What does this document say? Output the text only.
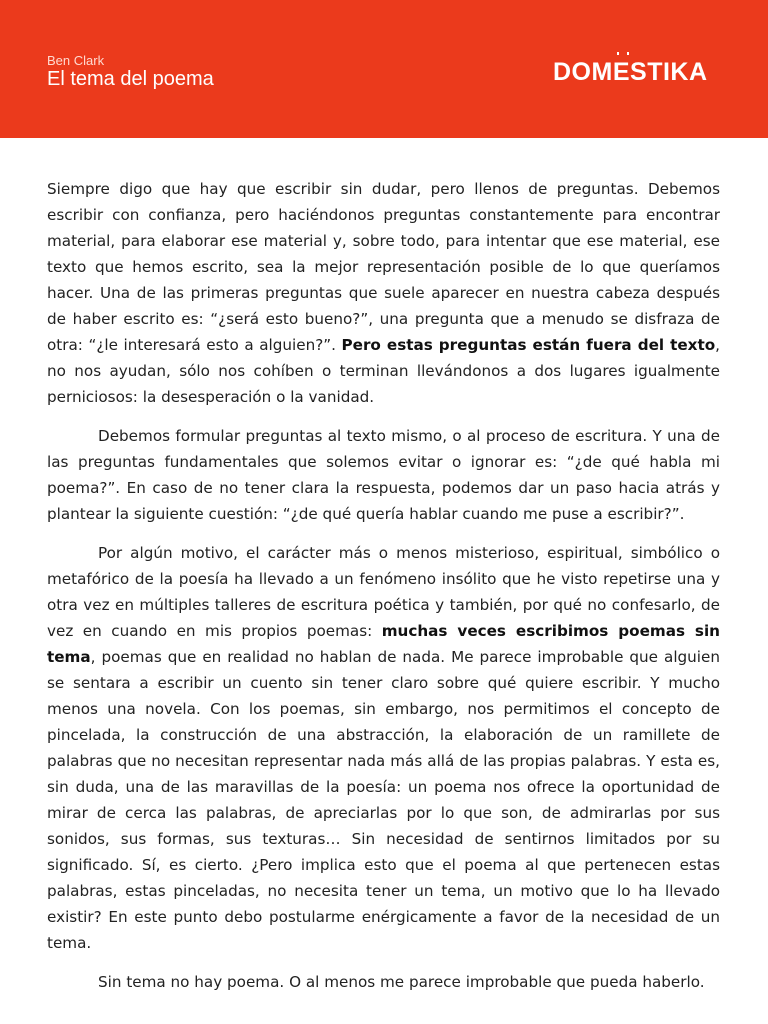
Ben Clark
El tema del poema	DOMESTIKA

Siempre digo que hay que escribir sin dudar, pero llenos de preguntas. Debemos escribir con confianza, pero haciéndonos preguntas constantemente para encontrar material, para elaborar ese material y, sobre todo, para intentar que ese material, ese texto que hemos escrito, sea la mejor representación posible de lo que queríamos hacer. Una de las primeras preguntas que suele aparecer en nuestra cabeza después de haber escrito es: “¿será esto bueno?”, una pregunta que a menudo se disfraza de otra: “¿le interesará esto a alguien?”. Pero estas preguntas están fuera del texto, no nos ayudan, sólo nos cohíben o terminan llevándonos a dos lugares igualmente perniciosos: la desesperación o la vanidad.

Debemos formular preguntas al texto mismo, o al proceso de escritura. Y una de las preguntas fundamentales que solemos evitar o ignorar es: “¿de qué habla mi poema?”. En caso de no tener clara la respuesta, podemos dar un paso hacia atrás y plantear la siguiente cuestión: “¿de qué quería hablar cuando me puse a escribir?”.

Por algún motivo, el carácter más o menos misterioso, espiritual, simbólico o metafórico de la poesía ha llevado a un fenómeno insólito que he visto repetirse una y otra vez en múltiples talleres de escritura poética y también, por qué no confesarlo, de vez en cuando en mis propios poemas: muchas veces escribimos poemas sin tema, poemas que en realidad no hablan de nada. Me parece improbable que alguien se sentara a escribir un cuento sin tener claro sobre qué quiere escribir. Y mucho menos una novela. Con los poemas, sin embargo, nos permitimos el concepto de pincelada, la construcción de una abstracción, la elaboración de un ramillete de palabras que no necesitan representar nada más allá de las propias palabras. Y esta es, sin duda, una de las maravillas de la poesía: un poema nos ofrece la oportunidad de mirar de cerca las palabras, de apreciarlas por lo que son, de admirarlas por sus sonidos, sus formas, sus texturas… Sin necesidad de sentirnos limitados por su significado. Sí, es cierto. ¿Pero implica esto que el poema al que pertenecen estas palabras, estas pinceladas, no necesita tener un tema, un motivo que lo ha llevado existir? En este punto debo postularme enérgicamente a favor de la necesidad de un tema.

Sin tema no hay poema. O al menos me parece improbable que pueda haberlo.
